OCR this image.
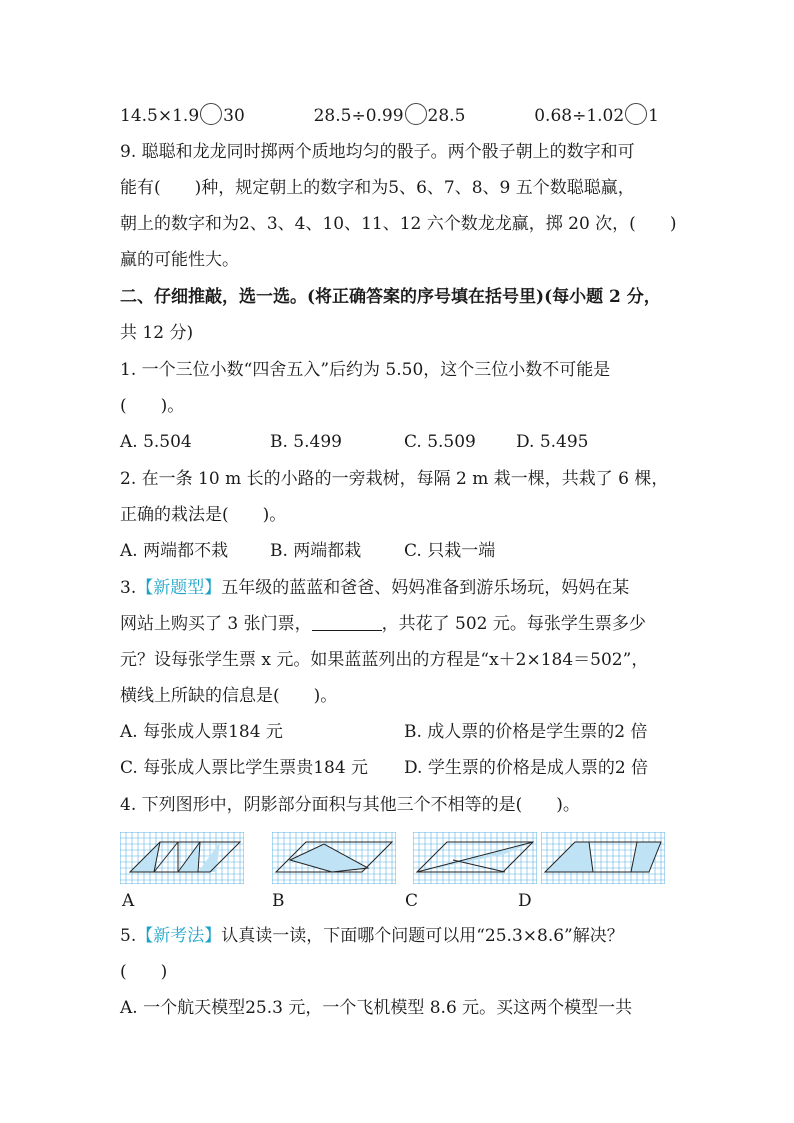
14.5×1.9 30	28.5÷0.99 28.5	0.68÷1.02 1
9. 聪聪和龙龙同时掷两个质地均匀的骰子。两个骰子朝上的数字和可
能有(　　)种，规定朝上的数字和为5、6、7、8、9 五个数聪聪赢，
朝上的数字和为2、3、4、10、11、12 六个数龙龙赢，掷 20 次，(　　)
赢的可能性大。
二、仔细推敲，选一选。(将正确答案的序号填在括号里)(每小题 2 分，
共 12 分)
1. 一个三位小数“四舍五入”后约为 5.50，这个三位小数不可能是
(　　)。
A. 5.504	B. 5.499	C. 5.509 D. 5.495
2. 在一条 10 m 长的小路的一旁栽树，每隔 2 m 栽一棵，共栽了 6 棵，
正确的栽法是(　　)。
A. 两端都不栽 B. 两端都栽	C. 只栽一端
3.【新题型】五年级的蓝蓝和爸爸、妈妈准备到游乐场玩，妈妈在某
网站上购买了 3 张门票，	，共花了 502 元。每张学生票多少
元？设每张学生票 x 元。如果蓝蓝列出的方程是“x＋2×184＝502”，
横线上所缺的信息是(　　)。
A. 每张成人票184 元	B. 成人票的价格是学生票的2 倍
C. 每张成人票比学生票贵184 元 D. 学生票的价格是成人票的2 倍
4. 下列图形中，阴影部分面积与其他三个不相等的是(　　)。
A	B	C	D
5.【新考法】认真读一读，下面哪个问题可以用“25.3×8.6”解决？
(　　)
A. 一个航天模型25.3 元，一个飞机模型 8.6 元。买这两个模型一共
